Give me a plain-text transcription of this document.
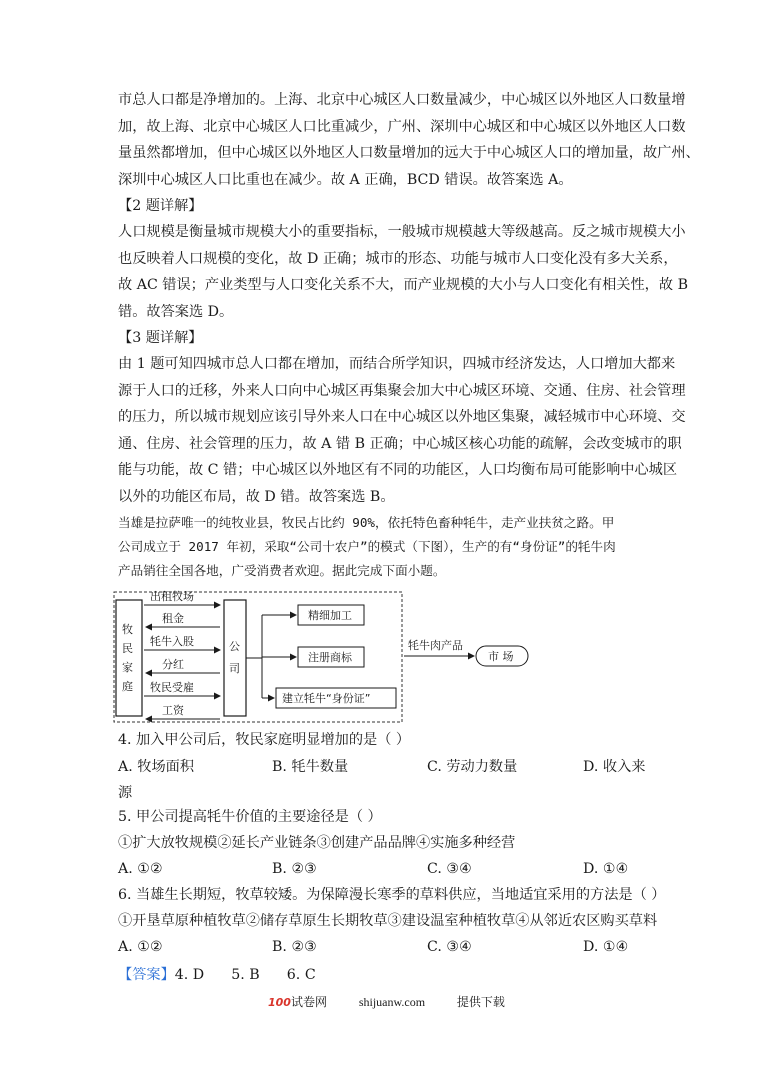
市总人口都是净增加的。上海、北京中心城区人口数量减少，中心城区以外地区人口数量增
加，故上海、北京中心城区人口比重减少，广州、深圳中心城区和中心城区以外地区人口数
量虽然都增加，但中心城区以外地区人口数量增加的远大于中心城区人口的增加量，故广州、
深圳中心城区人口比重也在减少。故 A 正确，BCD 错误。故答案选 A。
【2 题详解】
人口规模是衡量城市规模大小的重要指标，一般城市规模越大等级越高。反之城市规模大小
也反映着人口规模的变化，故 D 正确；城市的形态、功能与城市人口变化没有多大关系，
故 AC 错误；产业类型与人口变化关系不大，而产业规模的大小与人口变化有相关性，故 B
错。故答案选 D。
【3 题详解】
由 1 题可知四城市总人口都在增加，而结合所学知识，四城市经济发达，人口增加大都来
源于人口的迁移，外来人口向中心城区再集聚会加大中心城区环境、交通、住房、社会管理
的压力，所以城市规划应该引导外来人口在中心城区以外地区集聚，减轻城市中心环境、交
通、住房、社会管理的压力，故 A 错 B 正确；中心城区核心功能的疏解，会改变城市的职
能与功能，故 C 错；中心城区以外地区有不同的功能区，人口均衡布局可能影响中心城区
以外的功能区布局，故 D 错。故答案选 B。
当雄是拉萨唯一的纯牧业县，牧民占比约 90%，依托特色畜种牦牛，走产业扶贫之路。甲
公司成立于 2017 年初，采取“公司十农户”的模式（下图），生产的有“身份证”的牦牛肉
产品销往全国各地，广受消费者欢迎。据此完成下面小题。
牧
民
家
庭
公
司
出租牧场
租金
牦牛入股
分红
牧民受雇
工资
精细加工
注册商标
建立牦牛“身份证”
牦牛肉产品
市 场
4. 加入甲公司后，牧民家庭明显增加的是（ ）
A. 牧场面积	B. 牦牛数量	C. 劳动力数量	D. 收入来
源
5. 甲公司提高牦牛价值的主要途径是（ ）
①扩大放牧规模②延长产业链条③创建产品品牌④实施多种经营
A. ①②	B. ②③	C. ③④	D. ①④
6. 当雄生长期短，牧草较矮。为保障漫长寒季的草料供应，当地适宜采用的方法是（ ）
①开垦草原种植牧草②储存草原生长期牧草③建设温室种植牧草④从邻近农区购买草料
A. ①②	B. ②③	C. ③④	D. ①④
【答案】4. D      5. B      6. C
100试卷网	shijuanw.com	提供下载
